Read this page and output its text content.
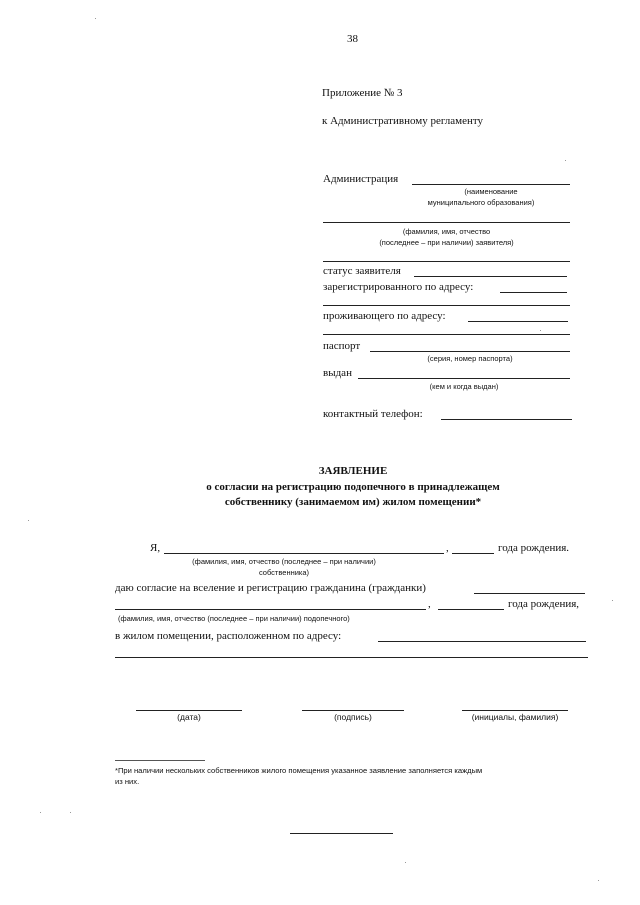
38
Приложение № 3
к Административному регламенту
Администрация
(наименование
муниципального образования)
(фамилия, имя, отчество
(последнее – при наличии) заявителя)
статус заявителя
зарегистрированного по адресу:
проживающего по адресу:
паспорт
(серия, номер паспорта)
выдан
(кем и когда выдан)
контактный телефон:
ЗАЯВЛЕНИЕ
о согласии на регистрацию подопечного в принадлежащем
собственнику (занимаемом им) жилом помещении*
Я,	,	года рождения.
(фамилия, имя, отчество (последнее – при наличии)
собственника)
даю согласие на вселение и регистрацию гражданина (гражданки)
,	года рождения,
(фамилия, имя, отчество (последнее – при наличии) подопечного)
в жилом помещении, расположенном по адресу:
(дата)	(подпись)	(инициалы, фамилия)
*При наличии нескольких собственников жилого помещения указанное заявление заполняется каждым
из них.
